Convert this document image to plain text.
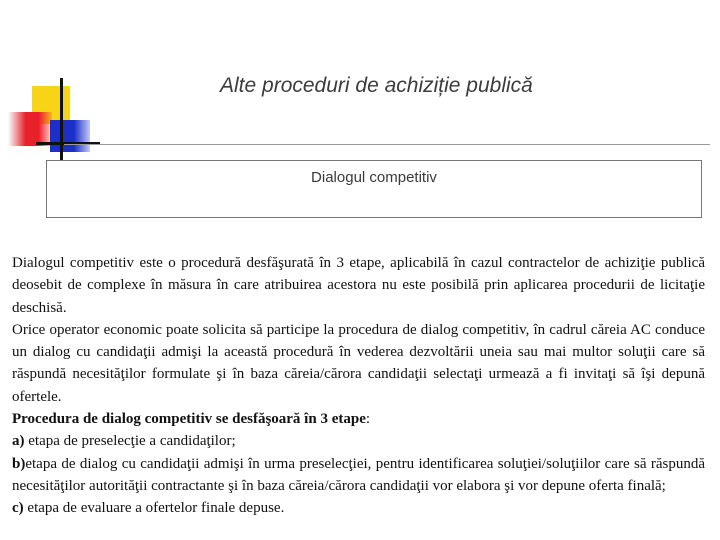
Alte proceduri de achiziție publică
Dialogul competitiv

Dialogul competitiv este o procedură desfăşurată în 3 etape, aplicabilă în cazul contractelor de achiziţie publică deosebit de complexe în măsura în care atribuirea acestora nu este posibilă prin aplicarea procedurii de licitaţie deschisă.

Orice operator economic poate solicita să participe la procedura de dialog competitiv, în cadrul căreia AC conduce un dialog cu candidaţii admişi la această procedură în vederea dezvoltării uneia sau mai multor soluţii care să răspundă necesităţilor formulate şi în baza căreia/cărora candidaţii selectaţi urmează a fi invitaţi să îşi depună ofertele.

Procedura de dialog competitiv se desfăşoară în 3 etape:

a) etapa de preselecţie a candidaţilor;

b)etapa de dialog cu candidaţii admişi în urma preselecţiei, pentru identificarea soluţiei/soluţiilor care să răspundă necesităţilor autorităţii contractante şi în baza căreia/cărora candidaţii vor elabora şi vor depune oferta finală;

c) etapa de evaluare a ofertelor finale depuse.
